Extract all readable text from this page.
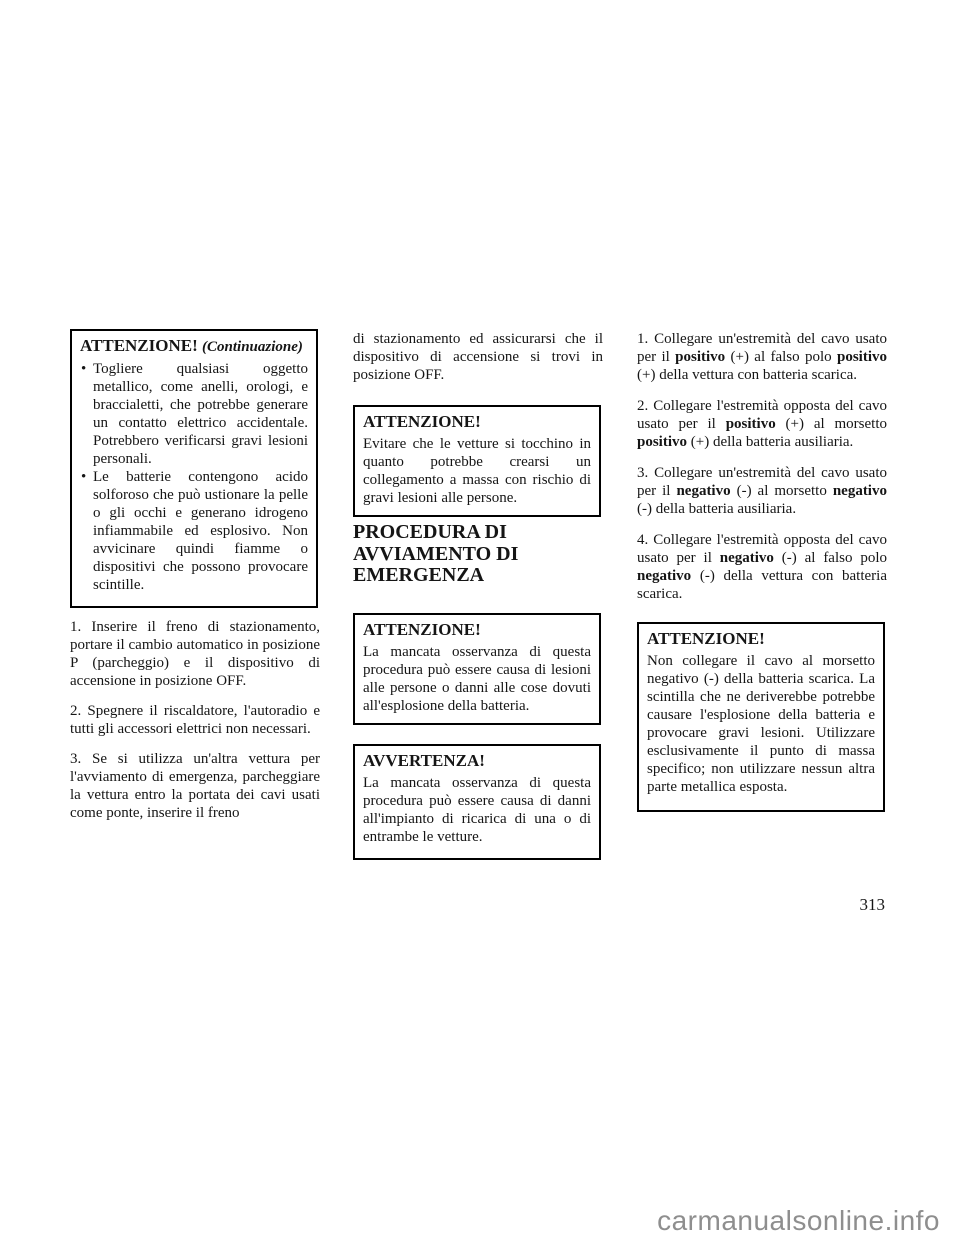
ATTENZIONE! (Continuazione)

• Togliere qualsiasi oggetto metallico, come anelli, orologi, e braccialetti, che potrebbe generare un contatto elettrico accidentale. Potrebbero verificarsi gravi lesioni personali.
• Le batterie contengono acido solforoso che può ustionare la pelle o gli occhi e generano idrogeno infiammabile ed esplosivo. Non avvicinare quindi fiamme o dispositivi che possono provocare scintille.

1. Inserire il freno di stazionamento, portare il cambio automatico in posizione P (parcheggio) e il dispositivo di accensione in posizione OFF.

2. Spegnere il riscaldatore, l'autoradio e tutti gli accessori elettrici non necessari.

3. Se si utilizza un'altra vettura per l'avviamento di emergenza, parcheggiare la vettura entro la portata dei cavi usati come ponte, inserire il freno

di stazionamento ed assicurarsi che il dispositivo di accensione si trovi in posizione OFF.

ATTENZIONE!

Evitare che le vetture si tocchino in quanto potrebbe crearsi un collegamento a massa con rischio di gravi lesioni alle persone.
PROCEDURA DI AVVIAMENTO DI EMERGENZA

ATTENZIONE!

La mancata osservanza di questa procedura può essere causa di lesioni alle persone o danni alle cose dovuti all'esplosione della batteria.

AVVERTENZA!

La mancata osservanza di questa procedura può essere causa di danni all'impianto di ricarica di una o di entrambe le vetture.

1. Collegare un'estremità del cavo usato per il positivo (+) al falso polo positivo (+) della vettura con batteria scarica.

2. Collegare l'estremità opposta del cavo usato per il positivo (+) al morsetto positivo (+) della batteria ausiliaria.

3. Collegare un'estremità del cavo usato per il negativo (-) al morsetto negativo (-) della batteria ausiliaria.

4. Collegare l'estremità opposta del cavo usato per il negativo (-) al falso polo negativo (-) della vettura con batteria scarica.

ATTENZIONE!

Non collegare il cavo al morsetto negativo (-) della batteria scarica. La scintilla che ne deriverebbe potrebbe causare l'esplosione della batteria e provocare gravi lesioni. Utilizzare esclusivamente il punto di massa specifico; non utilizzare nessun altra parte metallica esposta.
313
carmanualsonline.info
